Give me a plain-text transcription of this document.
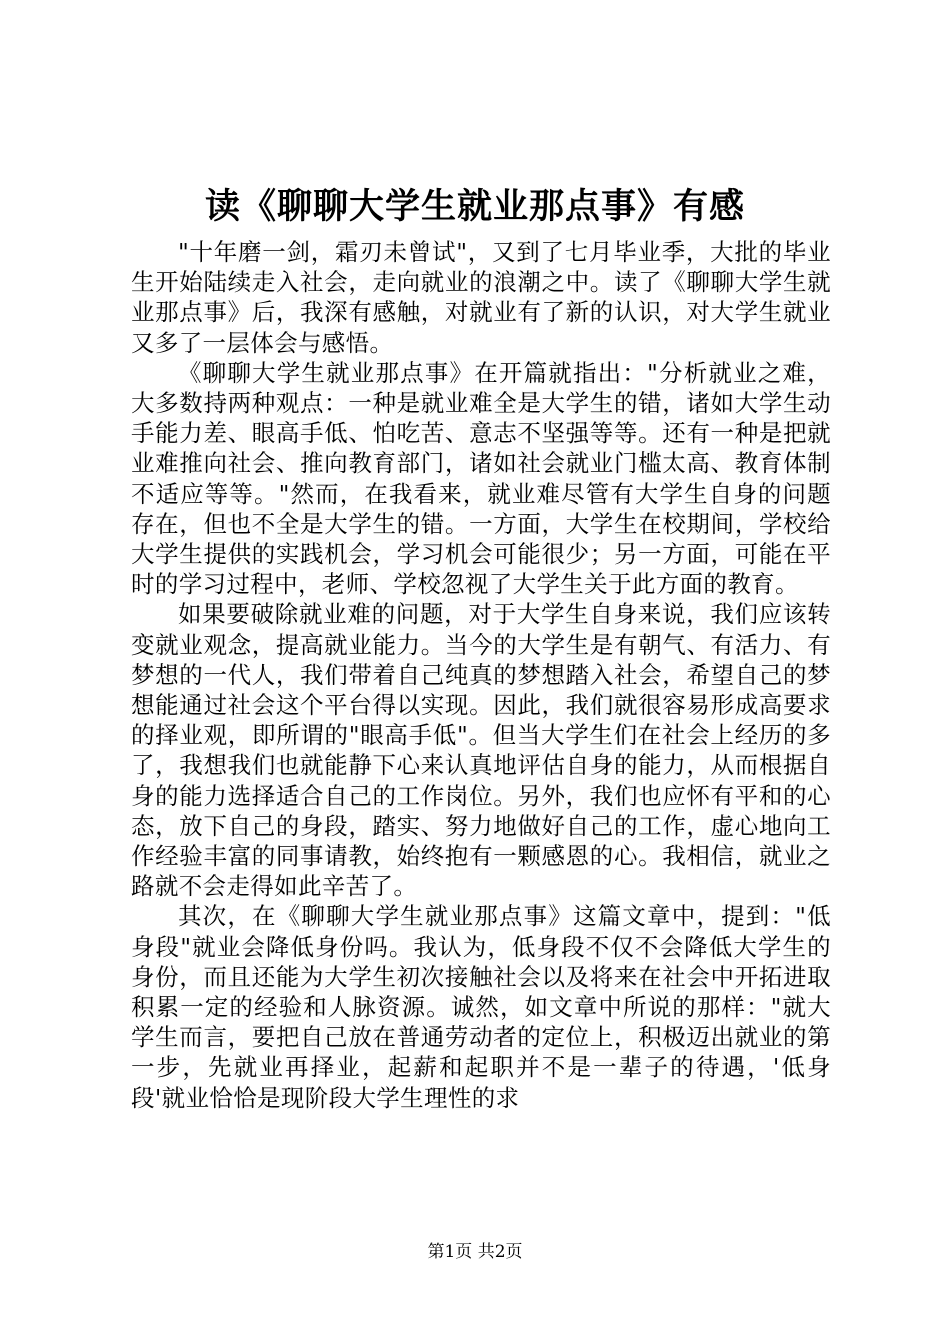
读《聊聊大学生就业那点事》有感

"十年磨一剑，霜刃未曾试"，又到了七月毕业季，大批的毕业生开始陆续走入社会，走向就业的浪潮之中。读了《聊聊大学生就业那点事》后，我深有感触，对就业有了新的认识，对大学生就业又多了一层体会与感悟。

《聊聊大学生就业那点事》在开篇就指出："分析就业之难，大多数持两种观点：一种是就业难全是大学生的错，诸如大学生动手能力差、眼高手低、怕吃苦、意志不坚强等等。还有一种是把就业难推向社会、推向教育部门，诸如社会就业门槛太高、教育体制不适应等等。"然而，在我看来，就业难尽管有大学生自身的问题存在，但也不全是大学生的错。一方面，大学生在校期间，学校给大学生提供的实践机会，学习机会可能很少；另一方面，可能在平时的学习过程中，老师、学校忽视了大学生关于此方面的教育。

如果要破除就业难的问题，对于大学生自身来说，我们应该转变就业观念，提高就业能力。当今的大学生是有朝气、有活力、有梦想的一代人，我们带着自己纯真的梦想踏入社会，希望自己的梦想能通过社会这个平台得以实现。因此，我们就很容易形成高要求的择业观，即所谓的"眼高手低"。但当大学生们在社会上经历的多了，我想我们也就能静下心来认真地评估自身的能力，从而根据自身的能力选择适合自己的工作岗位。另外，我们也应怀有平和的心态，放下自己的身段，踏实、努力地做好自己的工作，虚心地向工作经验丰富的同事请教，始终抱有一颗感恩的心。我相信，就业之路就不会走得如此辛苦了。

其次，在《聊聊大学生就业那点事》这篇文章中，提到："低身段"就业会降低身份吗。我认为，低身段不仅不会降低大学生的身份，而且还能为大学生初次接触社会以及将来在社会中开拓进取积累一定的经验和人脉资源。诚然，如文章中所说的那样："就大学生而言，要把自己放在普通劳动者的定位上，积极迈出就业的第一步，先就业再择业，起薪和起职并不是一辈子的待遇，'低身段'就业恰恰是现阶段大学生理性的求

第1页 共2页
